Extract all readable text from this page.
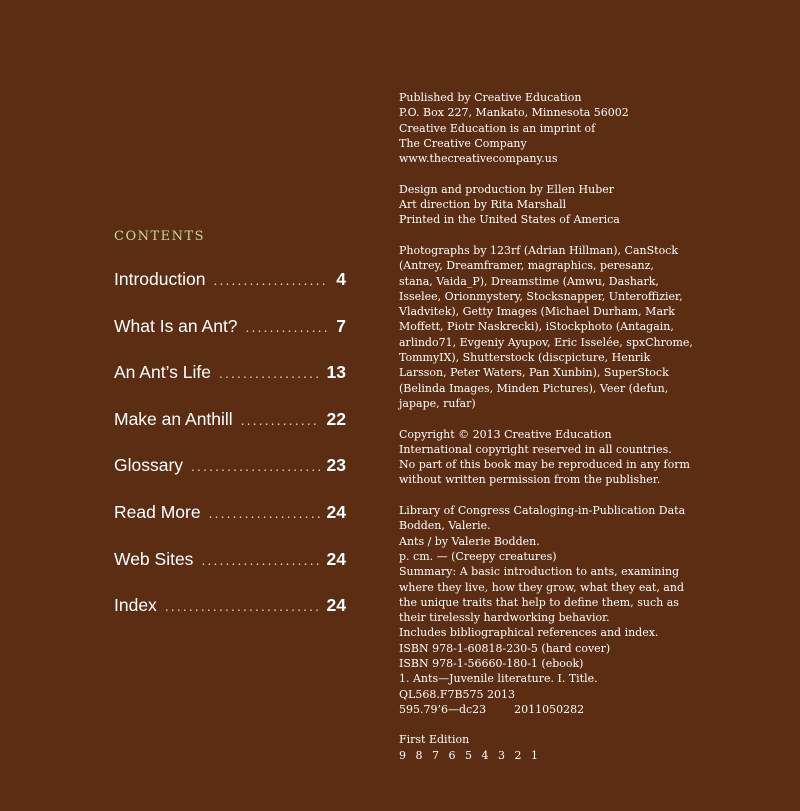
CONTENTS
Introduction .....	4
What Is an Ant? .....	7
An Ant’s Life .....	13
Make an Anthill .....	22
Glossary .....	23
Read More .....	24
Web Sites .....	24
Index .....	24

Published by Creative Education
P.O. Box 227, Mankato, Minnesota 56002
Creative Education is an imprint of
The Creative Company
www.thecreativecompany.us

Design and production by Ellen Huber
Art direction by Rita Marshall
Printed in the United States of America

Photographs by 123rf (Adrian Hillman), CanStock
(Antrey, Dreamframer, magraphics, peresanz,
stana, Vaida_P), Dreamstime (Amwu, Dashark,
Isselee, Orionmystery, Stocksnapper, Unteroffizier,
Vladvitek), Getty Images (Michael Durham, Mark
Moffett, Piotr Naskrecki), iStockphoto (Antagain,
arlindo71, Evgeniy Ayupov, Eric Isselée, spxChrome,
TommyIX), Shutterstock (discpicture, Henrik
Larsson, Peter Waters, Pan Xunbin), SuperStock
(Belinda Images, Minden Pictures), Veer (defun,
japape, rufar)

Copyright © 2013 Creative Education
International copyright reserved in all countries.
No part of this book may be reproduced in any form
without written permission from the publisher.

Library of Congress Cataloging-in-Publication Data
Bodden, Valerie.
Ants / by Valerie Bodden.
p. cm. — (Creepy creatures)
Summary: A basic introduction to ants, examining
where they live, how they grow, what they eat, and
the unique traits that help to define them, such as
their tirelessly hardworking behavior.
Includes bibliographical references and index.
ISBN 978-1-60818-230-5 (hard cover)
ISBN 978-1-56660-180-1 (ebook)
1. Ants—Juvenile literature. I. Title.
QL568.F7B575 2013
595.79’6—dc23        2011050282

First Edition
9 8 7 6 5 4 3 2 1
